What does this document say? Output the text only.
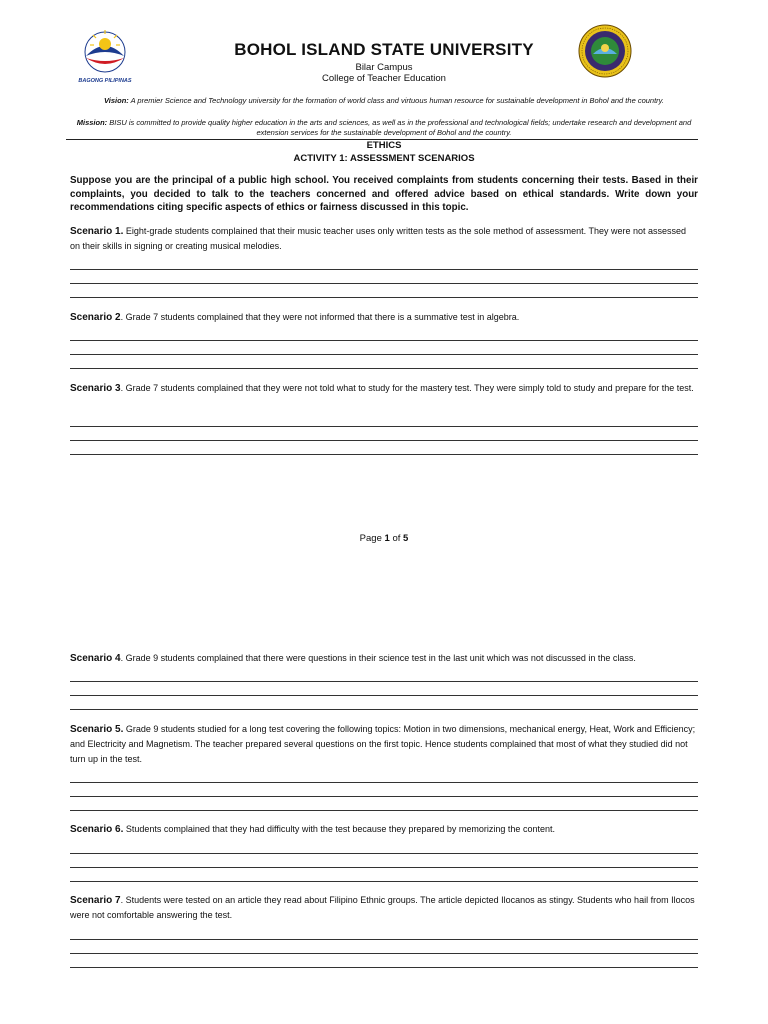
BAGONG PILIPINAS
BOHOL ISLAND STATE UNIVERSITY
Bilar Campus
College of Teacher Education
Vision: A premier Science and Technology university for the formation of world class and virtuous human resource for sustainable development in Bohol and the country.
Mission: BISU is committed to provide quality higher education in the arts and sciences, as well as in the professional and technological fields; undertake research and development and extension services for the sustainable development of Bohol and the country.
ETHICS
ACTIVITY 1: ASSESSMENT SCENARIOS
Suppose you are the principal of a public high school. You received complaints from students concerning their tests. Based in their complaints, you decided to talk to the teachers concerned and offered advice based on ethical standards. Write down your recommendations citing specific aspects of ethics or fairness discussed in this topic.
Scenario 1. Eight-grade students complained that their music teacher uses only written tests as the sole method of assessment. They were not assessed on their skills in signing or creating musical melodies.
Scenario 2. Grade 7 students complained that they were not informed that there is a summative test in algebra.
Scenario 3. Grade 7 students complained that they were not told what to study for the mastery test. They were simply told to study and prepare for the test.
Page 1 of 5
Scenario 4. Grade 9 students complained that there were questions in their science test in the last unit which was not discussed in the class.
Scenario 5. Grade 9 students studied for a long test covering the following topics: Motion in two dimensions, mechanical energy, Heat, Work and Efficiency; and Electricity and Magnetism. The teacher prepared several questions on the first topic. Hence students complained that most of what they studied did not turn up in the test.
Scenario 6. Students complained that they had difficulty with the test because they prepared by memorizing the content.
Scenario 7. Students were tested on an article they read about Filipino Ethnic groups. The article depicted Ilocanos as stingy. Students who hail from Ilocos were not comfortable answering the test.
